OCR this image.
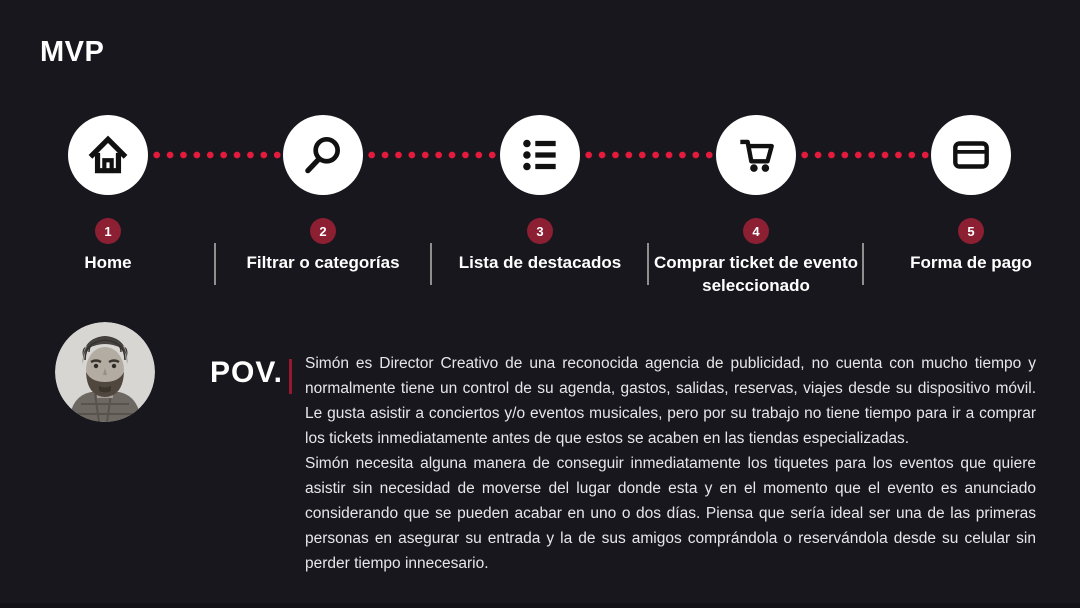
MVP
1
Home
2
Filtrar o categorías
3
Lista de destacados
4
Comprar ticket de evento seleccionado
5
Forma de pago
POV. Simón es Director Creativo de una reconocida agencia de publicidad, no cuenta con mucho tiempo y normalmente tiene un control de su agenda, gastos, salidas, reservas, viajes desde su dispositivo móvil. Le gusta asistir a conciertos y/o eventos musicales, pero por su trabajo no tiene tiempo para ir a comprar los tickets inmediatamente antes de que estos se acaben en las tiendas especializadas.

Simón necesita alguna manera de conseguir inmediatamente los tiquetes para los eventos que quiere asistir sin necesidad de moverse del lugar donde esta y en el momento que el evento es anunciado considerando que se pueden acabar en uno o dos días. Piensa que sería ideal ser una de las primeras personas en asegurar su entrada y la de sus amigos comprándola o reservándola desde su celular sin perder tiempo innecesario.
